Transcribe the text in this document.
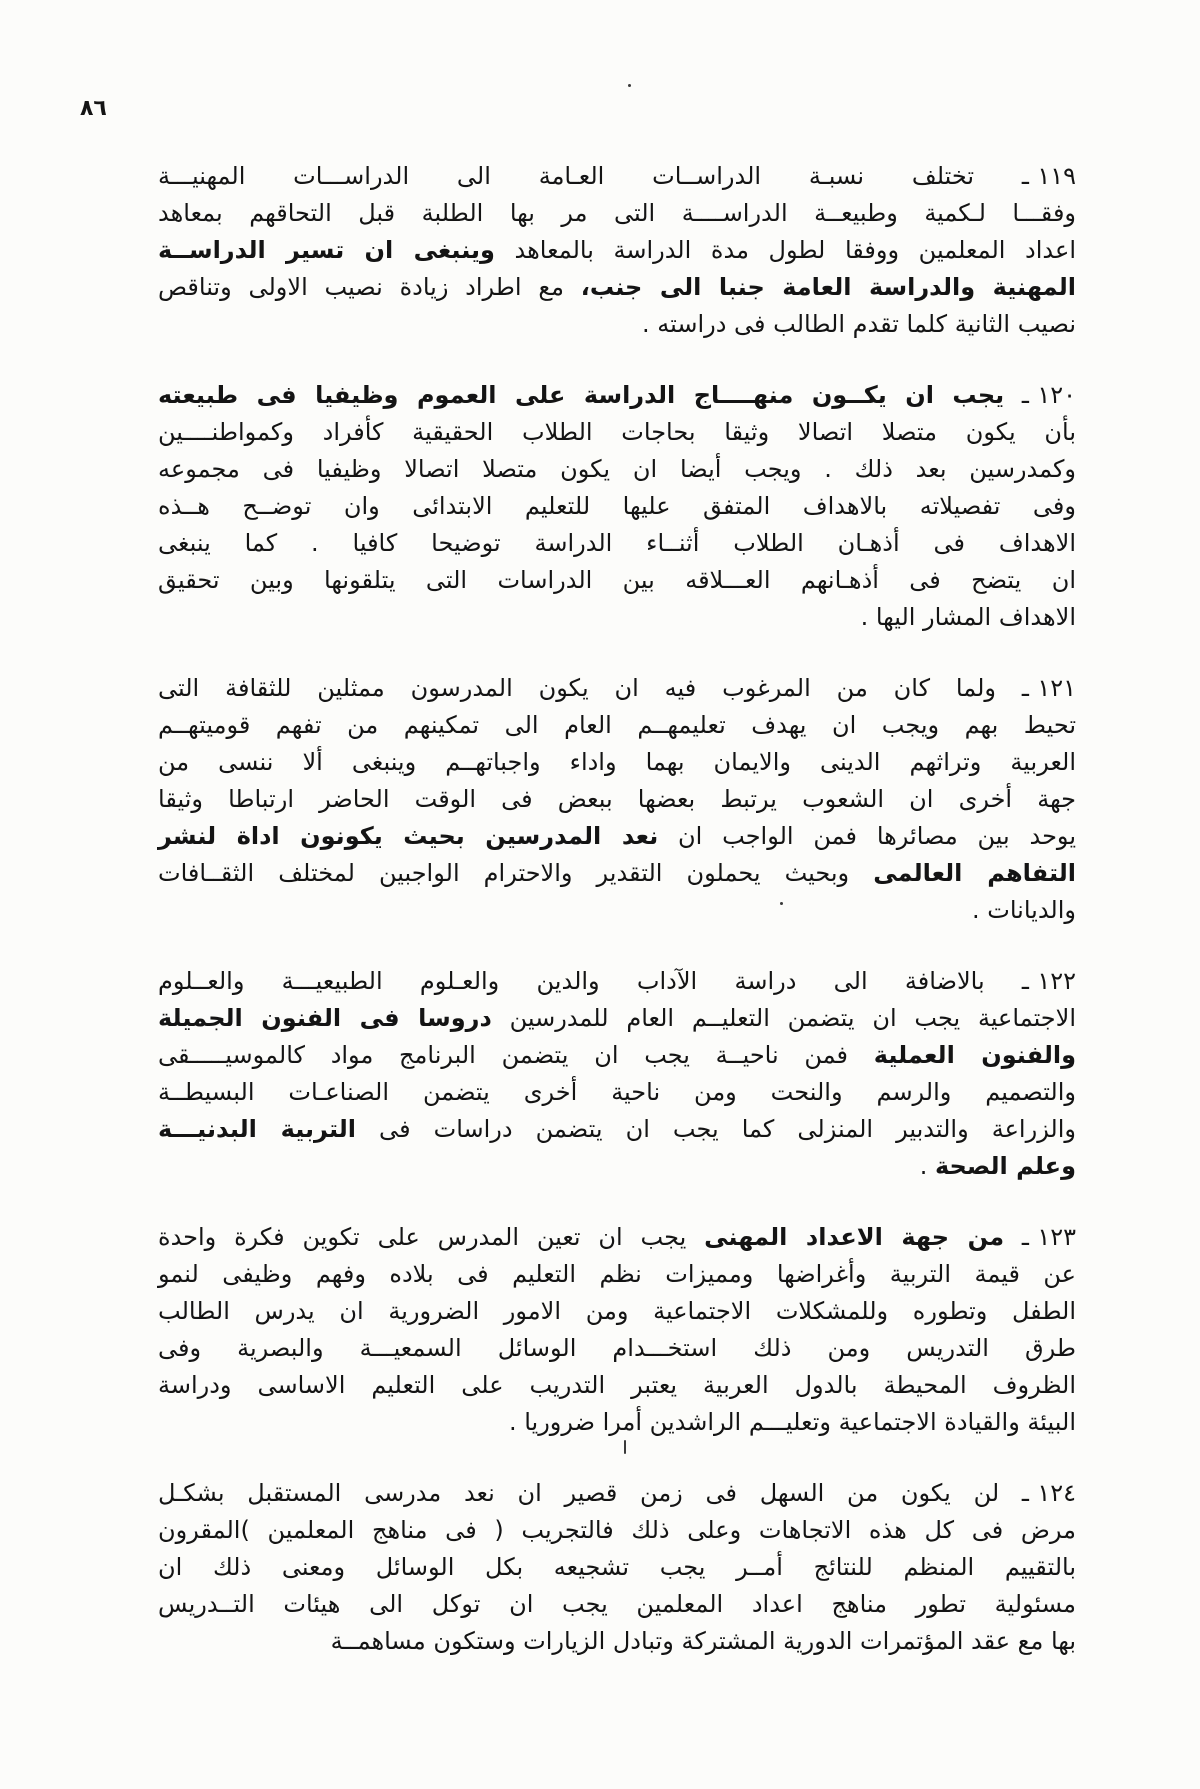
٨٦
١١٩ـ تختلف نسبـة الدراســات العـامة الى الدراســـات المهنيـــة
وفقـــا لـكمية وطبيعــة الدراســــة التى مر بها الطلبة قبل التحاقهم بمعاهد
اعداد المعلمين ووفقا لطول مدة الدراسة بالمعاهد وينبغى ان تسير الدراســة
المهنية والدراسة العامة جنبا الى جنب، مع اطراد زيادة نصيب الاولى وتناقص
نصيب الثانية كلما تقدم الطالب فى دراسته .
١٢٠ـ يجب ان يكــون منهــــاج الدراسة على العموم وظيفيا فى طبيعته
بأن يكون متصلا اتصالا وثيقا بحاجات الطلاب الحقيقية كأفراد وكمواطنــــين
وكمدرسين بعد ذلك . ويجب أيضا ان يكون متصلا اتصالا وظيفيا فى مجموعه
وفى تفصيلاته بالاهداف المتفق عليها للتعليم الابتدائى وان توضــح هــذه
الاهداف فى أذهـان الطلاب أثنــاء الدراسة توضيحا كافيا . كما ينبغى
ان يتضح فى أذهـانهم العـــلاقه بين الدراسات التى يتلقونها وبين تحقيق
الاهداف المشار اليها .
١٢١ـ ولما كان من المرغوب فيه ان يكون المدرسون ممثلين للثقافة التى
تحيط بهم ويجب ان يهدف تعليمهــم العام الى تمكينهم من تفهم قوميتهــم
العربية وتراثهم الدينى والايمان بهما واداء واجباتهــم وينبغى ألا ننسى من
جهة أخرى ان الشعوب يرتبط بعضها ببعض فى الوقت الحاضر ارتباطا وثيقا
يوحد بين مصائرها فمن الواجب ان نعد المدرسين بحيث يكونون اداة لنشر
التفاهم العالمى وبحيث يحملون التقدير والاحترام الواجبين لمختلف الثقــافات
والديانات .
١٢٢ـ بالاضافة الى دراسة الآداب والدين والعـلوم الطبيعيـــة والعــلوم
الاجتماعية يجب ان يتضمن التعليــم العام للمدرسين دروسا فى الفنون الجميلة
والفنون العملية فمن ناحيــة يجب ان يتضمن البرنامج مواد كالموسيـــــقى
والتصميم والرسم والنحت ومن ناحية أخرى يتضمن الصناعـات البسيطــة
والزراعة والتدبير المنزلى كما يجب ان يتضمن دراسات فى التربية البدنيـــة
وعلم الصحة .
١٢٣ـ من جهة الاعداد المهنى يجب ان تعين المدرس على تكوين فكرة واحدة
عن قيمة التربية وأغراضها ومميزات نظم التعليم فى بلاده وفهم وظيفى لنمو
الطفل وتطوره وللمشكلات الاجتماعية ومن الامور الضرورية ان يدرس الطالب
طرق التدريس ومن ذلك استخـــدام الوسائل السمعيـــة والبصرية وفى
الظروف المحيطة بالدول العربية يعتبر التدريب على التعليم الاساسى ودراسة
البيئة والقيادة الاجتماعية وتعليـــم الراشدين أمرا ضروريا .
١٢٤ـ لن يكون من السهل فى زمن قصير ان نعد مدرسى المستقبل بشكـل
مرض فى كل هذه الاتجاهات وعلى ذلك فالتجريب ( فى مناهج المعلمين )المقرون
بالتقييم المنظم للنتائج أمــر يجب تشجيعه بكل الوسائل ومعنى ذلك ان
مسئولية تطور مناهج اعداد المعلمين يجب ان توكل الى هيئات التــدريس
بها مع عقد المؤتمرات الدورية المشتركة وتبادل الزيارات وستكون مساهمــة
